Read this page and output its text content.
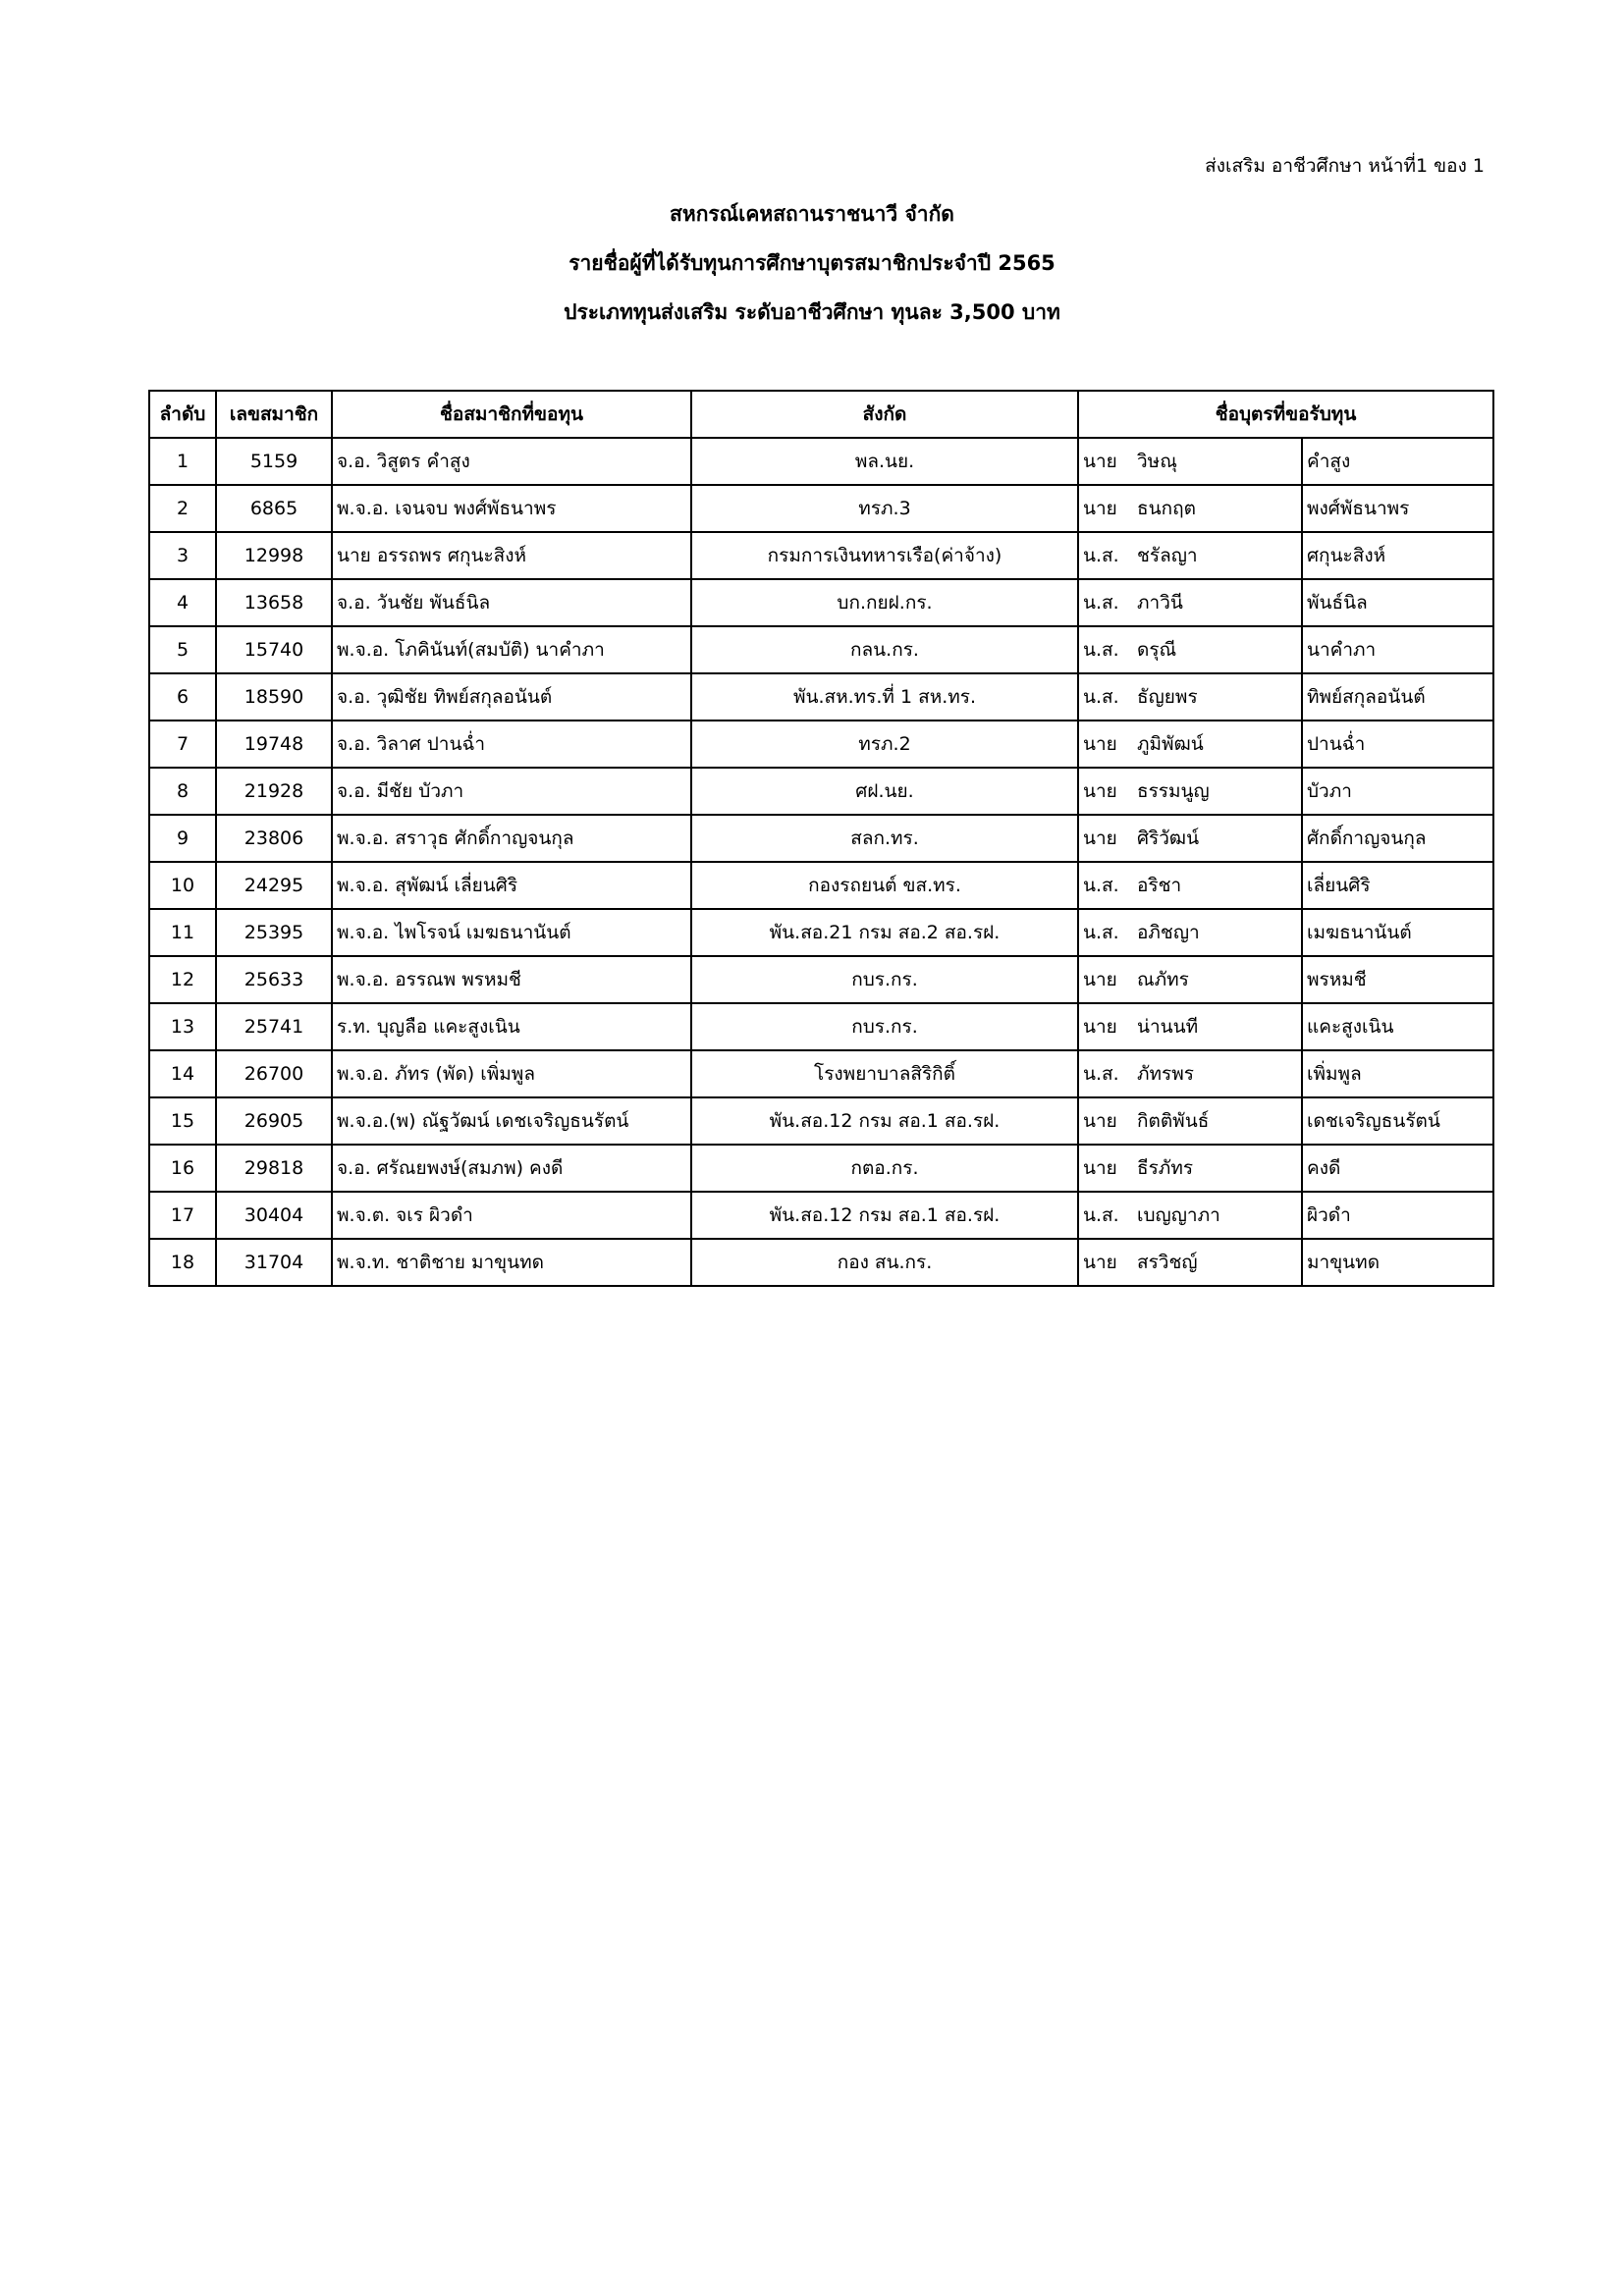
ส่งเสริม อาชีวศึกษา หน้าที่1 ของ 1
สหกรณ์เคหสถานราชนาวี จำกัด
รายชื่อผู้ที่ได้รับทุนการศึกษาบุตรสมาชิกประจำปี 2565
ประเภททุนส่งเสริม ระดับอาชีวศึกษา ทุนละ 3,500 บาท
ลำดับ	เลขสมาชิก	ชื่อสมาชิกที่ขอทุน	สังกัด	ชื่อบุตรที่ขอรับทุน		
1	5159	จ.อ. วิสูตร คำสูง	พล.นย.	นาย	วิษณุ	คำสูง
2	6865	พ.จ.อ. เจนจบ พงศ์พัธนาพร	ทรภ.3	นาย	ธนกฤต	พงศ์พัธนาพร
3	12998	นาย อรรถพร ศกุนะสิงห์	กรมการเงินทหารเรือ(ค่าจ้าง)	น.ส.	ชรัลญา	ศกุนะสิงห์
4	13658	จ.อ. วันชัย พันธ์นิล	บก.กยฝ.กร.	น.ส.	ภาวินี	พันธ์นิล
5	15740	พ.จ.อ. โภคินันท์(สมบัติ) นาคำภา	กลน.กร.	น.ส.	ดรุณี	นาคำภา
6	18590	จ.อ. วุฒิชัย ทิพย์สกุลอนันต์	พัน.สห.ทร.ที่ 1 สห.ทร.	น.ส.	ธัญยพร	ทิพย์สกุลอนันต์
7	19748	จ.อ. วิลาศ ปานฉ่ำ	ทรภ.2	นาย	ภูมิพัฒน์	ปานฉ่ำ
8	21928	จ.อ. มีชัย บัวภา	ศฝ.นย.	นาย	ธรรมนูญ	บัวภา
9	23806	พ.จ.อ. สราวุธ ศักดิ์กาญจนกุล	สลก.ทร.	นาย	ศิริวัฒน์	ศักดิ์กาญจนกุล
10	24295	พ.จ.อ. สุพัฒน์ เลี่ยนศิริ	กองรถยนต์ ขส.ทร.	น.ส.	อริชา	เลี่ยนศิริ
11	25395	พ.จ.อ. ไพโรจน์ เมฆธนานันต์	พัน.สอ.21 กรม สอ.2 สอ.รฝ.	น.ส.	อภิชญา	เมฆธนานันต์
12	25633	พ.จ.อ. อรรณพ พรหมชี	กบร.กร.	นาย	ณภัทร	พรหมชี
13	25741	ร.ท. บุญลือ แคะสูงเนิน	กบร.กร.	นาย	น่านนที	แคะสูงเนิน
14	26700	พ.จ.อ. ภัทร (พัด) เพิ่มพูล	โรงพยาบาลสิริกิติ์	น.ส.	ภัทรพร	เพิ่มพูล
15	26905	พ.จ.อ.(พ) ณัฐวัฒน์ เดชเจริญธนรัตน์	พัน.สอ.12 กรม สอ.1 สอ.รฝ.	นาย	กิตติพันธ์	เดชเจริญธนรัตน์
16	29818	จ.อ. ศรัณยพงษ์(สมภพ) คงดี	กตอ.กร.	นาย	ธีรภัทร	คงดี
17	30404	พ.จ.ต. จเร ผิวดำ	พัน.สอ.12 กรม สอ.1 สอ.รฝ.	น.ส.	เบญญาภา	ผิวดำ
18	31704	พ.จ.ท. ชาติชาย มาขุนทด	กอง สน.กร.	นาย	สรวิชญ์	มาขุนทด
